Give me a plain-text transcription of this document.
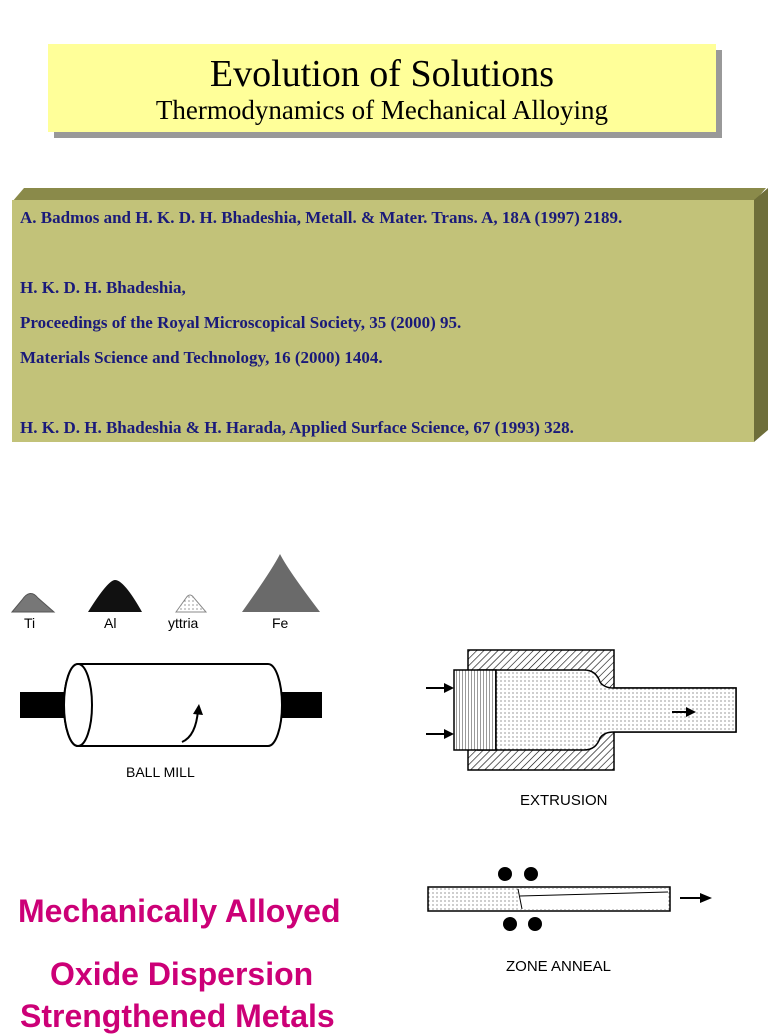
Evolution of Solutions
Thermodynamics of Mechanical Alloying
A. Badmos and H. K. D. H. Bhadeshia, Metall. & Mater. Trans. A, 18A (1997) 2189.
H. K. D. H. Bhadeshia,
Proceedings of the Royal Microscopical Society, 35 (2000) 95.
Materials Science and Technology, 16 (2000) 1404.
H. K. D. H. Bhadeshia & H. Harada, Applied Surface Science, 67 (1993) 328.
Ti	Al	yttria	Fe
BALL MILL
EXTRUSION
ZONE ANNEAL
Mechanically Alloyed
Oxide Dispersion
Strengthened Metals
